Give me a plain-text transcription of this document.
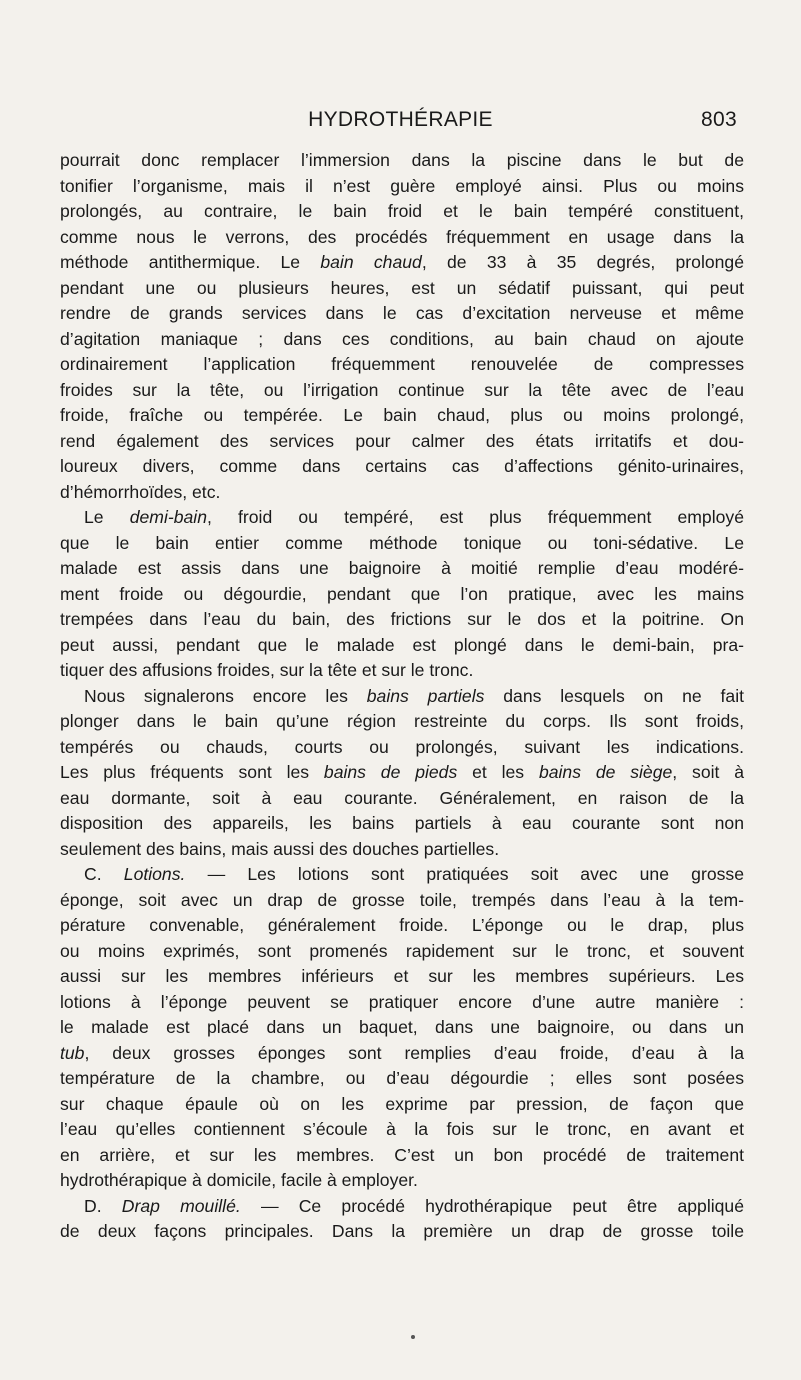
HYDROTHÉRAPIE	803
pourrait donc remplacer l’immersion dans la piscine dans le but de
tonifier l’organisme, mais il n’est guère employé ainsi. Plus ou moins
prolongés, au contraire, le bain froid et le bain tempéré constituent,
comme nous le verrons, des procédés fréquemment en usage dans la
méthode antithermique. Le bain chaud, de 33 à 35 degrés, prolongé
pendant une ou plusieurs heures, est un sédatif puissant, qui peut
rendre de grands services dans le cas d’excitation nerveuse et même
d’agitation maniaque ; dans ces conditions, au bain chaud on ajoute
ordinairement l’application fréquemment renouvelée de compresses
froides sur la tête, ou l’irrigation continue sur la tête avec de l’eau
froide, fraîche ou tempérée. Le bain chaud, plus ou moins prolongé,
rend également des services pour calmer des états irritatifs et dou-
loureux divers, comme dans certains cas d’affections génito-urinaires,
d’hémorrhoïdes, etc.
Le demi-bain, froid ou tempéré, est plus fréquemment employé
que le bain entier comme méthode tonique ou toni-sédative. Le
malade est assis dans une baignoire à moitié remplie d’eau modéré-
ment froide ou dégourdie, pendant que l’on pratique, avec les mains
trempées dans l’eau du bain, des frictions sur le dos et la poitrine. On
peut aussi, pendant que le malade est plongé dans le demi-bain, pra-
tiquer des affusions froides, sur la tête et sur le tronc.
Nous signalerons encore les bains partiels dans lesquels on ne fait
plonger dans le bain qu’une région restreinte du corps. Ils sont froids,
tempérés ou chauds, courts ou prolongés, suivant les indications.
Les plus fréquents sont les bains de pieds et les bains de siège, soit à
eau dormante, soit à eau courante. Généralement, en raison de la
disposition des appareils, les bains partiels à eau courante sont non
seulement des bains, mais aussi des douches partielles.
C. Lotions. — Les lotions sont pratiquées soit avec une grosse
éponge, soit avec un drap de grosse toile, trempés dans l’eau à la tem-
pérature convenable, généralement froide. L’éponge ou le drap, plus
ou moins exprimés, sont promenés rapidement sur le tronc, et souvent
aussi sur les membres inférieurs et sur les membres supérieurs. Les
lotions à l’éponge peuvent se pratiquer encore d’une autre manière :
le malade est placé dans un baquet, dans une baignoire, ou dans un
tub, deux grosses éponges sont remplies d’eau froide, d’eau à la
température de la chambre, ou d’eau dégourdie ; elles sont posées
sur chaque épaule où on les exprime par pression, de façon que
l’eau qu’elles contiennent s’écoule à la fois sur le tronc, en avant et
en arrière, et sur les membres. C’est un bon procédé de traitement
hydrothérapique à domicile, facile à employer.
D. Drap mouillé. — Ce procédé hydrothérapique peut être appliqué
de deux façons principales. Dans la première un drap de grosse toile
